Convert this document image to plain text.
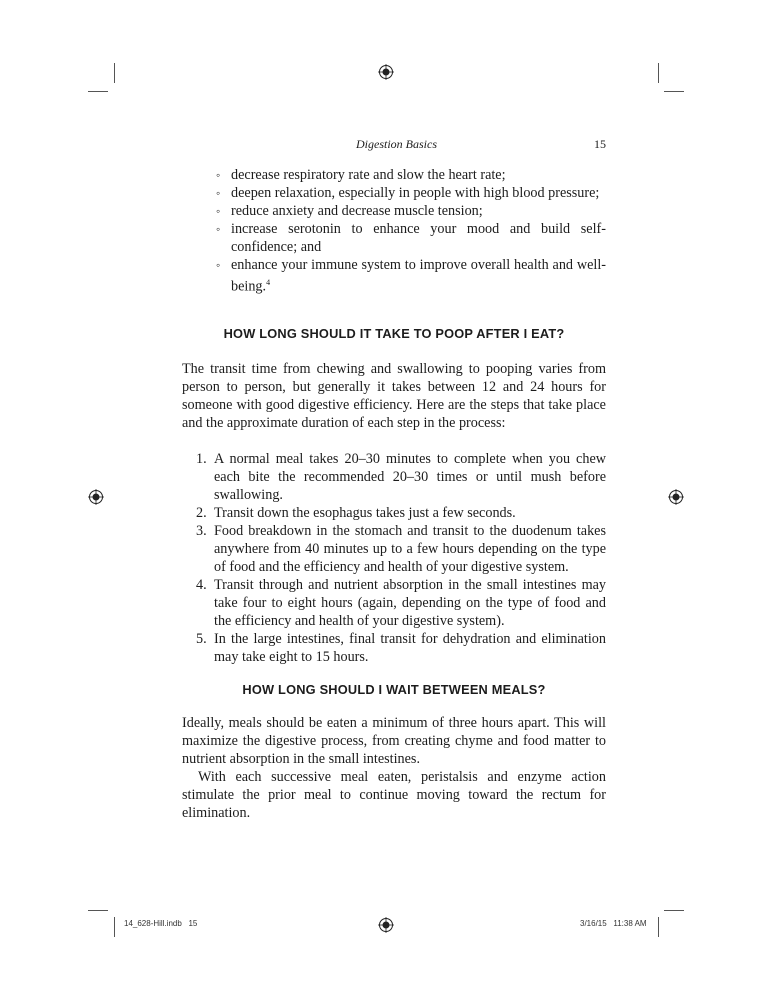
Digestion Basics	15
◦ decrease respiratory rate and slow the heart rate;
◦ deepen relaxation, especially in people with high blood pressure;
◦ reduce anxiety and decrease muscle tension;
◦ increase serotonin to enhance your mood and build self-confidence; and
◦ enhance your immune system to improve overall health and well-being.$^4$
HOW LONG SHOULD IT TAKE TO POOP AFTER I EAT?
The transit time from chewing and swallowing to pooping varies from person to person, but generally it takes between 12 and 24 hours for someone with good digestive efficiency. Here are the steps that take place and the approximate duration of each step in the process:
1. A normal meal takes 20–30 minutes to complete when you chew each bite the recommended 20–30 times or until mush before swallowing.
2. Transit down the esophagus takes just a few seconds.
3. Food breakdown in the stomach and transit to the duodenum takes anywhere from 40 minutes up to a few hours depending on the type of food and the efficiency and health of your digestive system.
4. Transit through and nutrient absorption in the small intestines may take four to eight hours (again, depending on the type of food and the efficiency and health of your digestive system).
5. In the large intestines, final transit for dehydration and elimination may take eight to 15 hours.
HOW LONG SHOULD I WAIT BETWEEN MEALS?
Ideally, meals should be eaten a minimum of three hours apart. This will maximize the digestive process, from creating chyme and food matter to nutrient absorption in the small intestines.
With each successive meal eaten, peristalsis and enzyme action stimulate the prior meal to continue moving toward the rectum for elimination.
14_628-Hill.indb   15	3/16/15   11:38 AM
